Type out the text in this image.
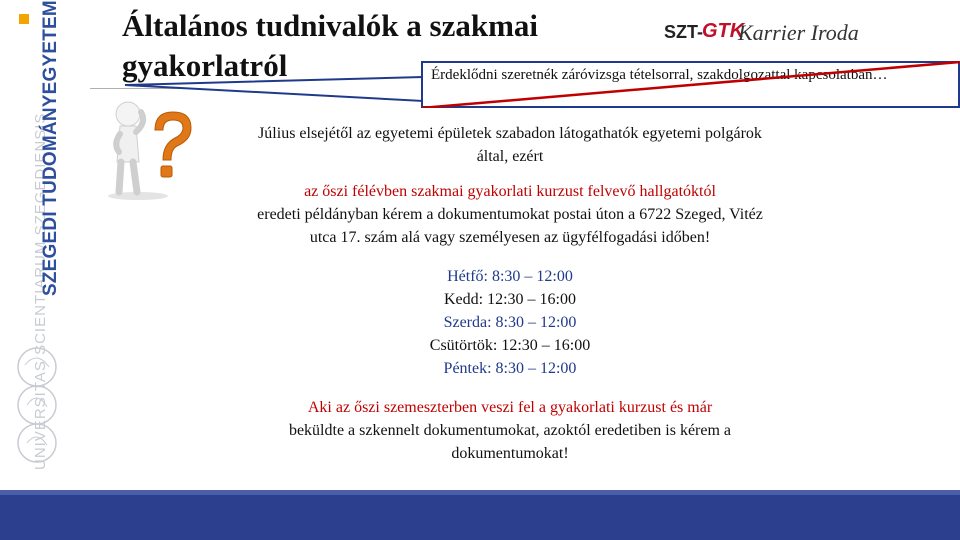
UNIVERSITAS SCIENTIARUM SZEGEDIENSIS
SZEGEDI TUDOMÁNYEGYETEM Általános tudnivalók a szakmai
gyakorlatról
SZT- GTK
Karrier Iroda
Érdeklődni szeretnék záróvizsga tételsorral, szakdolgozattal kapcsolatban…
Július elsejétől az egyetemi épületek szabadon látogathatók egyetemi polgárok által, ezért
az őszi félévben szakmai gyakorlati kurzust felvevő hallgatóktól
eredeti példányban kérem a dokumentumokat postai úton a 6722 Szeged, Vitéz utca 17. szám alá vagy személyesen az ügyfélfogadási időben!
Hétfő: 8:30 – 12:00
Kedd: 12:30 – 16:00
Szerda: 8:30 – 12:00
Csütörtök: 12:30 – 16:00
Péntek: 8:30 – 12:00
Aki az őszi szemeszterben veszi fel a gyakorlati kurzust és már
beküldte a szkennelt dokumentumokat, azoktól eredetiben is kérem a dokumentumokat!
